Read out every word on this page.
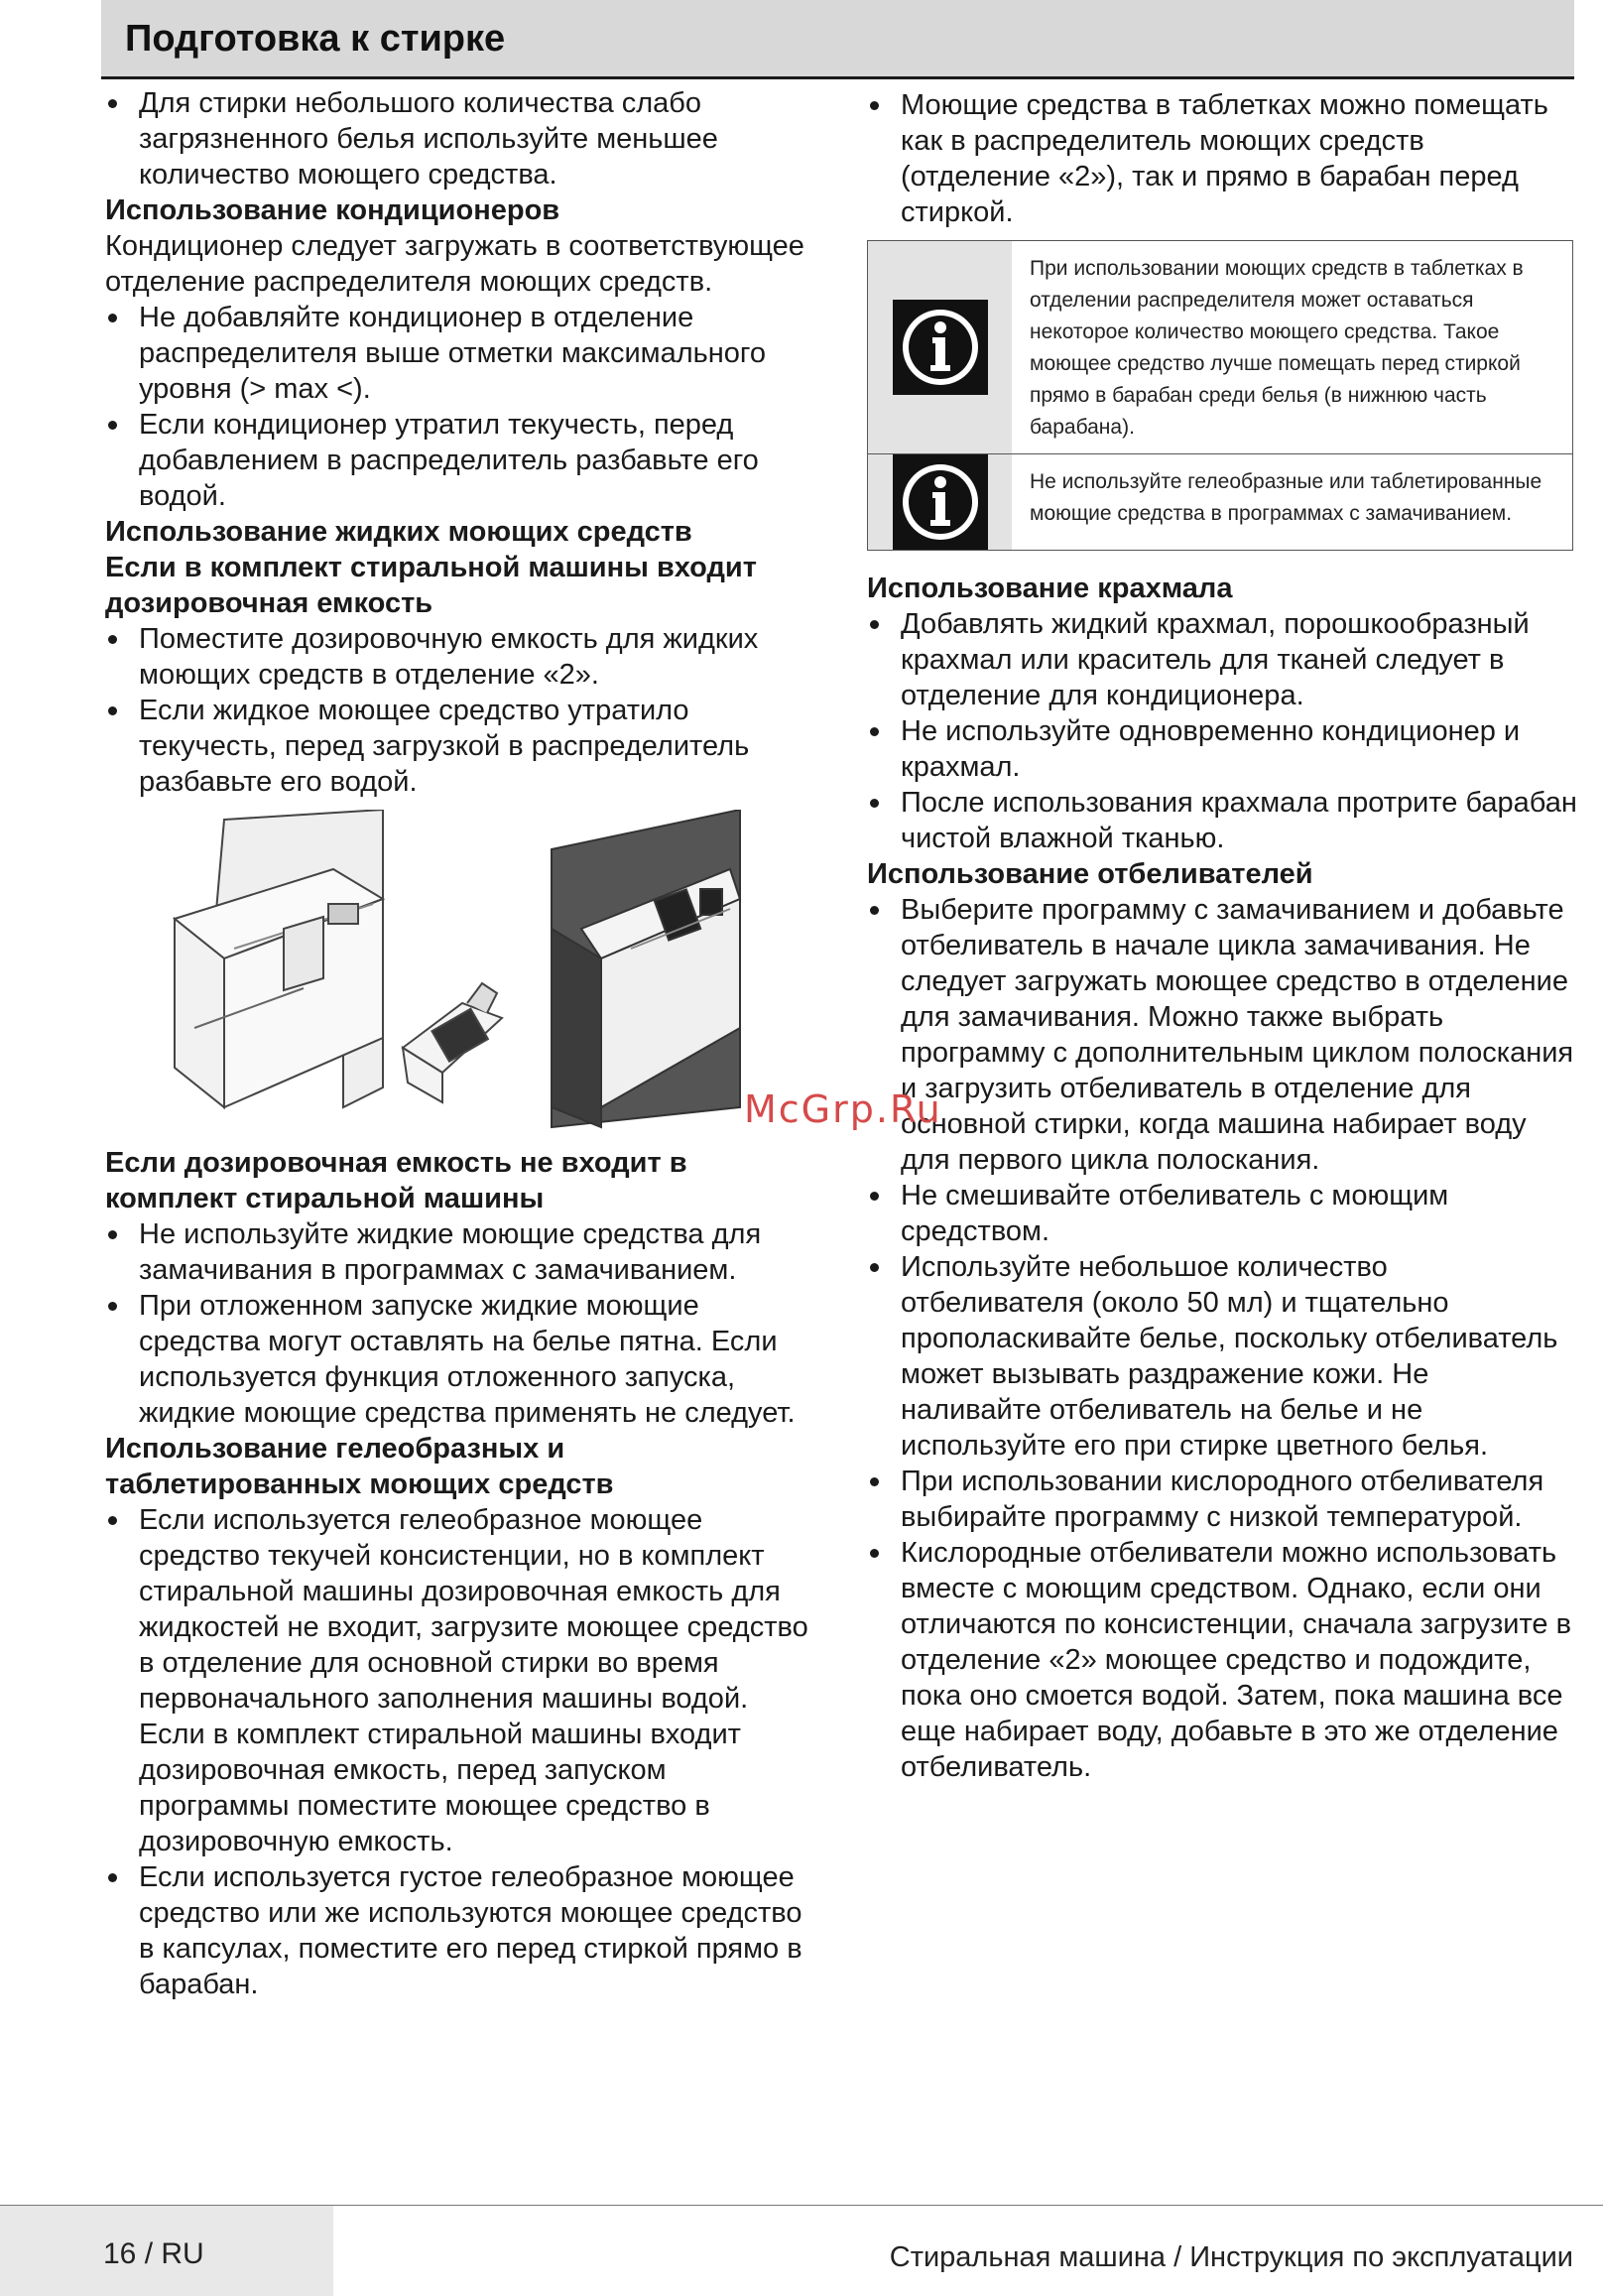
Подготовка к стирке
Для стирки небольшого количества слабо загрязненного белья используйте меньшее количество моющего средства.
Использование кондиционеров

Кондиционер следует загружать в соответствующее отделение распределителя моющих средств.

Не добавляйте кондиционер в отделение распределителя выше отметки максимального уровня (> max <).
Если кондиционер утратил текучесть, перед добавлением в распределитель разбавьте его водой.
Использование жидких моющих средств
Если в комплект стиральной машины входит дозировочная емкость
Поместите дозировочную емкость для жидких моющих средств в отделение «2».
Если жидкое моющее средство утратило текучесть, перед загрузкой в распределитель разбавьте его водой.
Если дозировочная емкость не входит в комплект стиральной машины
Не используйте жидкие моющие средства для замачивания в программах с замачиванием.
При отложенном запуске жидкие моющие средства могут оставлять на белье пятна. Если используется функция отложенного запуска, жидкие моющие средства применять не следует.
Использование гелеобразных и таблетированных моющих средств
Если используется гелеобразное моющее средство текучей консистенции, но в комплект стиральной машины дозировочная емкость для жидкостей не входит, загрузите моющее средство в отделение для основной стирки во время первоначального заполнения машины водой. Если в комплект стиральной машины входит дозировочная емкость, перед запуском программы поместите моющее средство в дозировочную емкость.
Если используется густое гелеобразное моющее средство или же используются моющее средство в капсулах, поместите его перед стиркой прямо в барабан.
Моющие средства в таблетках можно помещать как в распределитель моющих средств (отделение «2»), так и прямо в барабан перед стиркой.
При использовании моющих средств в таблетках в отделении распределителя может оставаться некоторое количество моющего средства. Такое моющее средство лучше помещать перед стиркой прямо в барабан среди белья (в нижнюю часть барабана).
Не используйте гелеобразные или таблетированные моющие средства в программах с замачиванием.
Использование крахмала
Добавлять жидкий крахмал, порошкообразный крахмал или краситель для тканей следует в отделение для кондиционера.
Не используйте одновременно кондиционер и крахмал.
После использования крахмала протрите барабан чистой влажной тканью.
Использование отбеливателей
Выберите программу с замачиванием и добавьте отбеливатель в начале цикла замачивания. Не следует загружать моющее средство в отделение для замачивания. Можно также выбрать программу с дополнительным циклом полоскания и загрузить отбеливатель в отделение для основной стирки, когда машина набирает воду для первого цикла полоскания.
Не смешивайте отбеливатель с моющим средством.
Используйте небольшое количество отбеливателя (около 50 мл) и тщательно прополаскивайте белье, поскольку отбеливатель может вызывать раздражение кожи. Не наливайте отбеливатель на белье и не используйте его при стирке цветного белья.
При использовании кислородного отбеливателя выбирайте программу с низкой температурой.
Кислородные отбеливатели можно использовать вместе с моющим средством. Однако, если они отличаются по консистенции, сначала загрузите в отделение «2» моющее средство и подождите, пока оно смоется водой. Затем, пока машина все еще набирает воду, добавьте в это же отделение отбеливатель.
McGrp.Ru
16 / RU	Стиральная машина / Инструкция по эксплуатации
